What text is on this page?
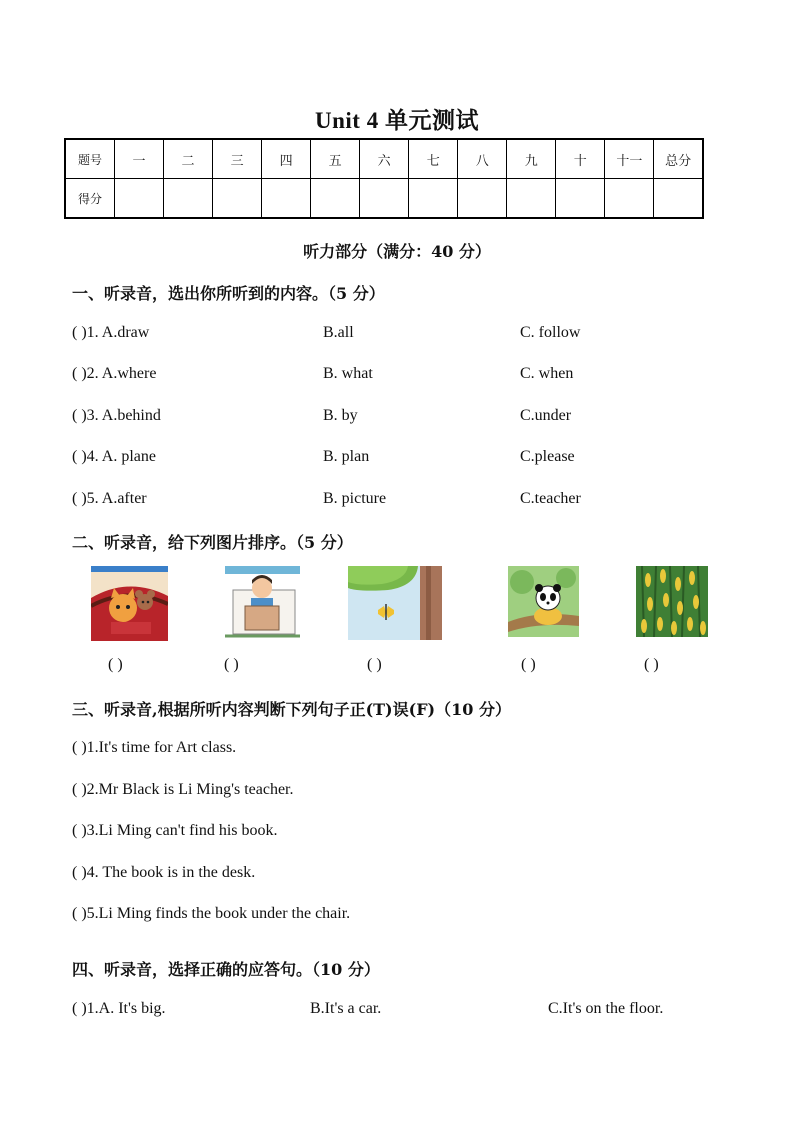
Unit 4 单元测试
题号	一	二	三	四	五	六	七	八	九	十	十一	总分
得分												
听力部分（满分：40 分）
一、听录音，选出你所听到的内容。（5 分）
( )1. A.draw	B.all	C. follow
( )2. A.where	B. what	C. when
( )3. A.behind	B. by	C.under
( )4. A. plane	B. plan	C.please
( )5. A.after	B. picture	C.teacher
二、听录音，给下列图片排序。（5 分）
( )	( )	( )	( )	( )
三、听录音,根据所听内容判断下列句子正(T)误(F)（10 分）
( )1.It's time for Art class.
( )2.Mr Black is Li Ming's teacher.
( )3.Li Ming can't find his book.
( )4. The book is in the desk.
( )5.Li Ming finds the book under the chair.
四、听录音，选择正确的应答句。（10 分）
( )1.A. It's big.	B.It's a car.	C.It's on the floor.
